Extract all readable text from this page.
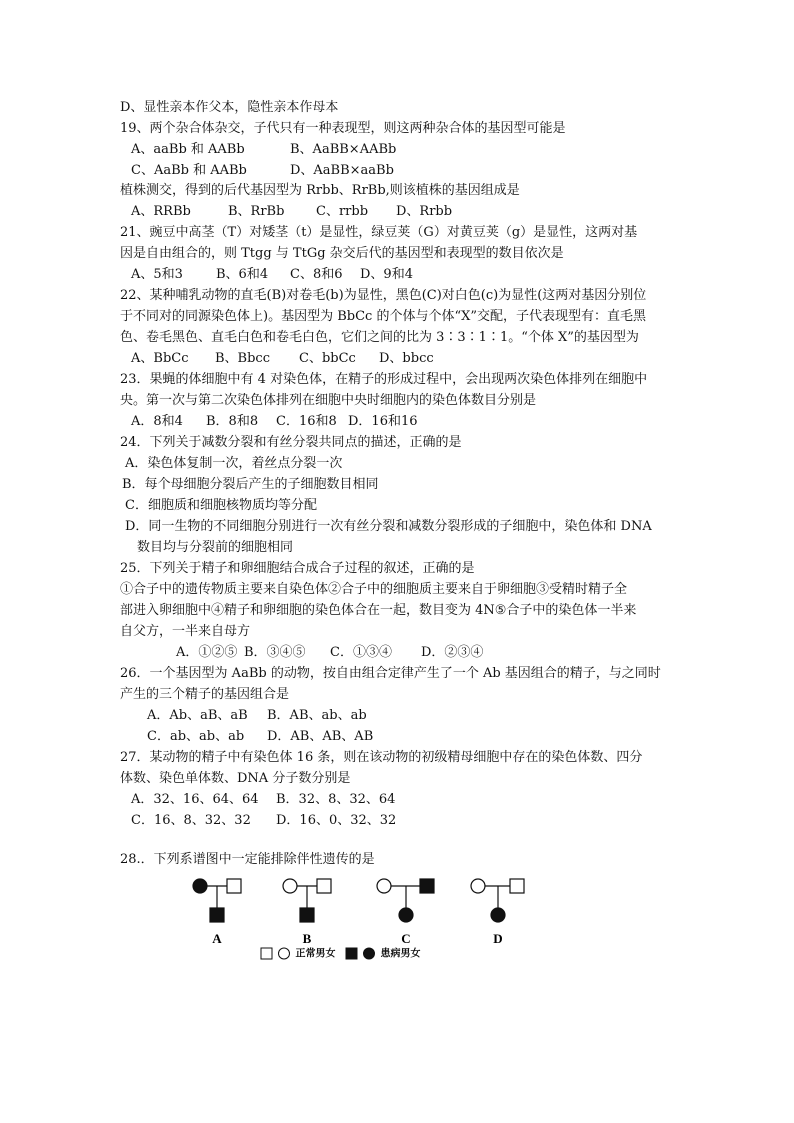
D、显性亲本作父本，隐性亲本作母本
19、两个杂合体杂交，子代只有一种表现型，则这两种杂合体的基因型可能是
A、aaBb 和 AABb	B、AaBB×AABb
C、AaBb 和 AABb	D、AaBB×aaBb
植株测交，得到的后代基因型为 Rrbb、RrBb,则该植株的基因组成是
A、RRBb	B、RrBb C、rrbb D、Rrbb
21、豌豆中高茎（T）对矮茎（t）是显性，绿豆荚（G）对黄豆荚（g）是显性，这两对基
因是自由组合的，则 Ttgg 与 TtGg 杂交后代的基因型和表现型的数目依次是
A、5和3	B、6和4 C、8和6 D、9和4
22、某种哺乳动物的直毛(B)对卷毛(b)为显性，黑色(C)对白色(c)为显性(这两对基因分别位
于不同对的同源染色体上)。基因型为 BbCc 的个体与个体“X”交配，子代表现型有：直毛黑
色、卷毛黑色、直毛白色和卷毛白色，它们之间的比为 3∶3∶1∶1。“个体 X”的基因型为
A、BbCc B、Bbcc C、bbCc D、bbcc
23．果蝇的体细胞中有 4 对染色体，在精子的形成过程中，会出现两次染色体排列在细胞中
央。第一次与第二次染色体排列在细胞中央时细胞内的染色体数目分别是
A．8和4 B．8和8 C．16和8 D．16和16
24．下列关于减数分裂和有丝分裂共同点的描述，正确的是
A．染色体复制一次，着丝点分裂一次
B．每个母细胞分裂后产生的子细胞数目相同
C．细胞质和细胞核物质均等分配
D．同一生物的不同细胞分别进行一次有丝分裂和减数分裂形成的子细胞中，染色体和 DNA
数目均与分裂前的细胞相同
25．下列关于精子和卵细胞结合成合子过程的叙述，正确的是
①合子中的遗传物质主要来自染色体②合子中的细胞质主要来自于卵细胞③受精时精子全
部进入卵细胞中④精子和卵细胞的染色体合在一起，数目变为 4N⑤合子中的染色体一半来
自父方，一半来自母方
A．①②⑤ B．③④⑤ C．①③④ D．②③④
26．一个基因型为 AaBb 的动物，按自由组合定律产生了一个 Ab 基因组合的精子，与之同时
产生的三个精子的基因组合是
A．Ab、aB、aB B．AB、ab、ab
C．ab、ab、ab D．AB、AB、AB
27．某动物的精子中有染色体 16 条，则在该动物的初级精母细胞中存在的染色体数、四分
体数、染色单体数、DNA 分子数分别是
A．32、16、64、64 B．32、8、32、64
C．16、8、32、32 D．16、0、32、32
28.．下列系谱图中一定能排除伴性遗传的是
A	B	C	D
正常男女	患病男女
